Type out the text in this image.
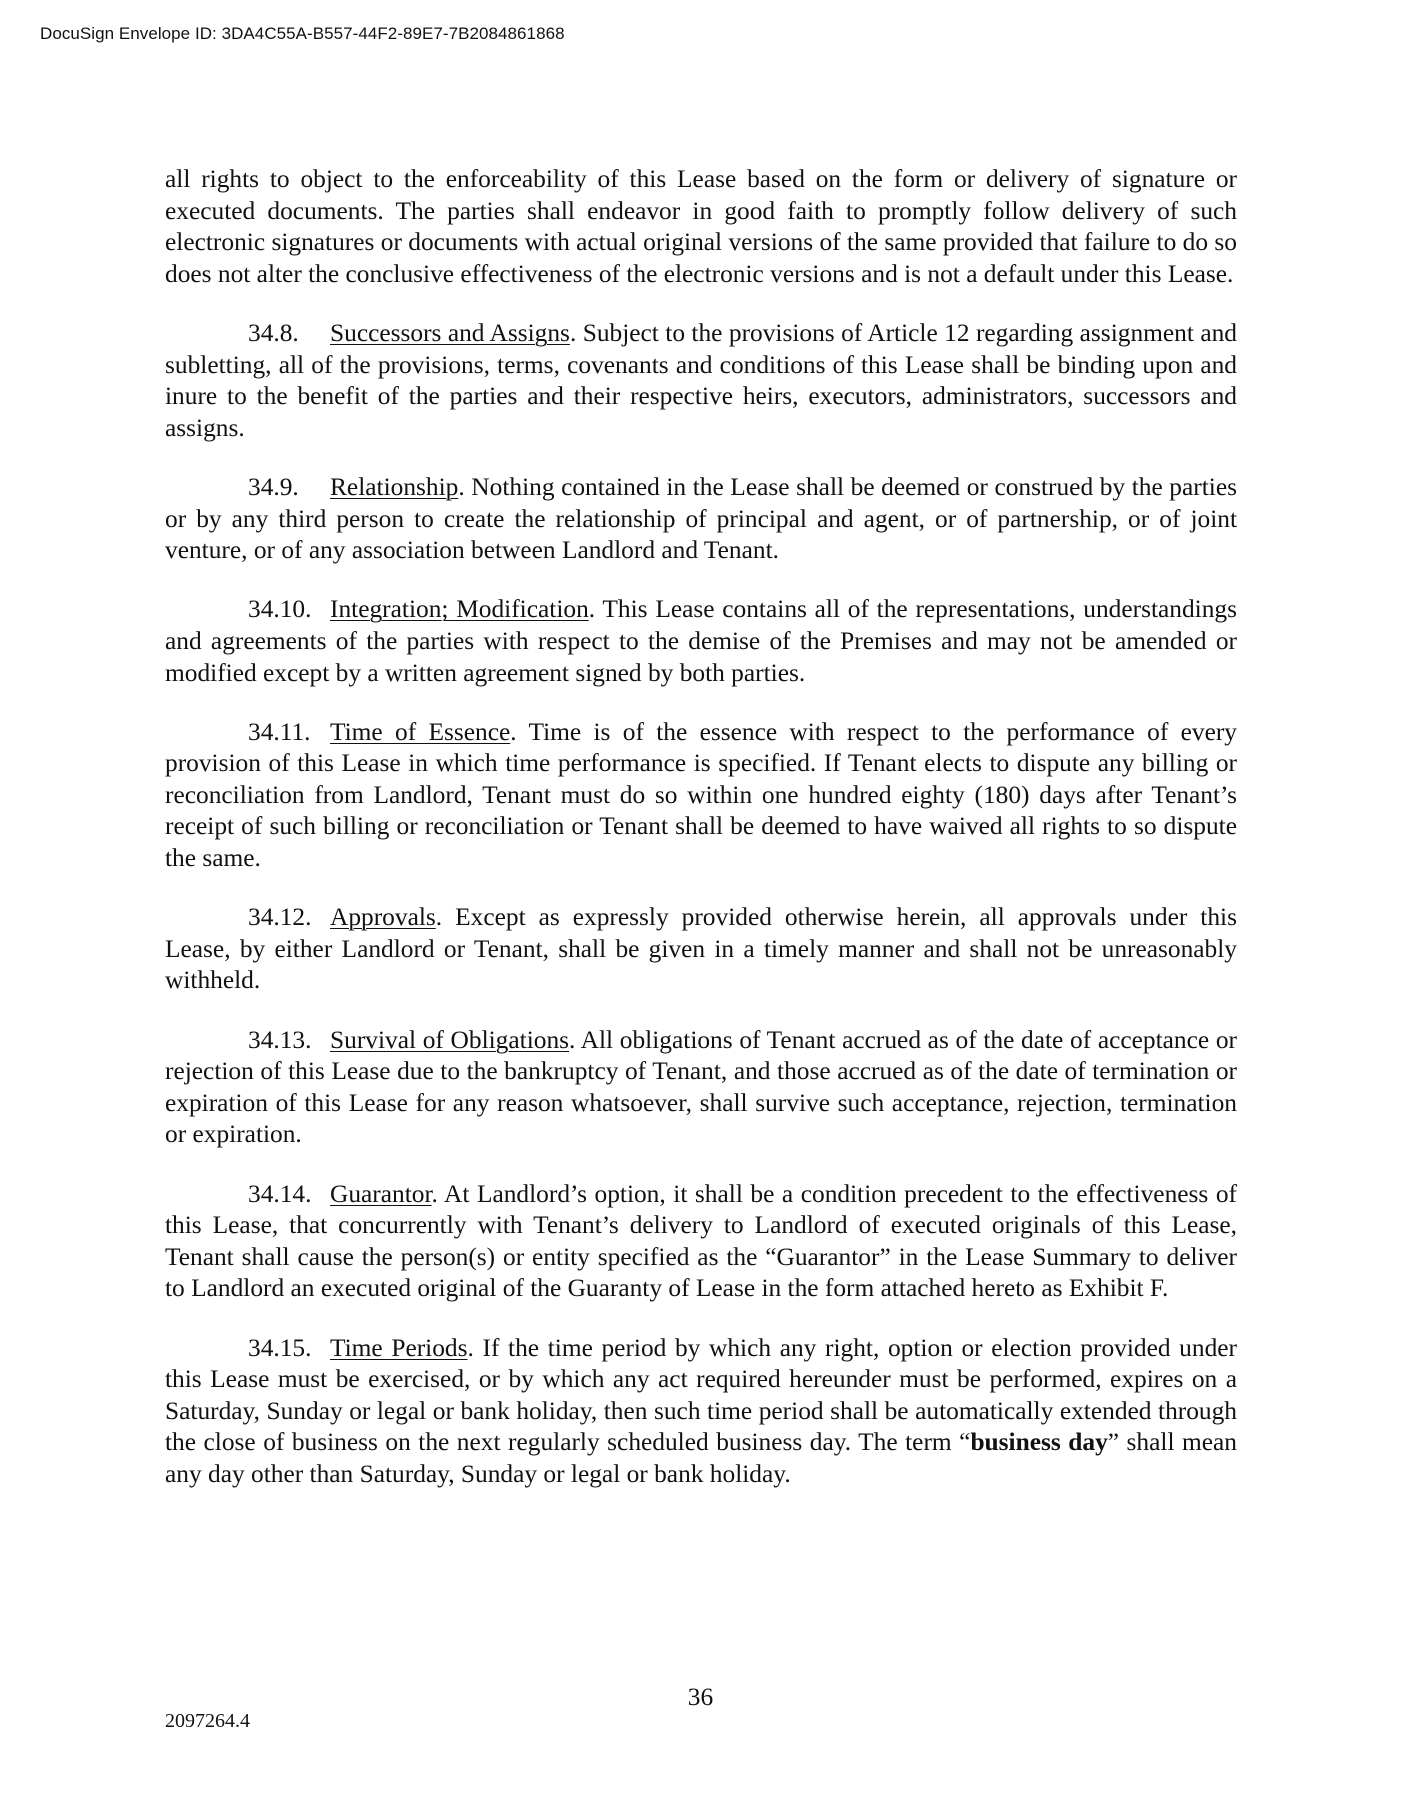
DocuSign Envelope ID: 3DA4C55A-B557-44F2-89E7-7B2084861868

all rights to object to the enforceability of this Lease based on the form or delivery of signature or executed documents. The parties shall endeavor in good faith to promptly follow delivery of such electronic signatures or documents with actual original versions of the same provided that failure to do so does not alter the conclusive effectiveness of the electronic versions and is not a default under this Lease.

34.8. Successors and Assigns. Subject to the provisions of Article 12 regarding assignment and subletting, all of the provisions, terms, covenants and conditions of this Lease shall be binding upon and inure to the benefit of the parties and their respective heirs, executors, administrators, successors and assigns.

34.9. Relationship. Nothing contained in the Lease shall be deemed or construed by the parties or by any third person to create the relationship of principal and agent, or of partnership, or of joint venture, or of any association between Landlord and Tenant.

34.10. Integration; Modification. This Lease contains all of the representations, understandings and agreements of the parties with respect to the demise of the Premises and may not be amended or modified except by a written agreement signed by both parties.

34.11. Time of Essence. Time is of the essence with respect to the performance of every provision of this Lease in which time performance is specified. If Tenant elects to dispute any billing or reconciliation from Landlord, Tenant must do so within one hundred eighty (180) days after Tenant’s receipt of such billing or reconciliation or Tenant shall be deemed to have waived all rights to so dispute the same.

34.12. Approvals. Except as expressly provided otherwise herein, all approvals under this Lease, by either Landlord or Tenant, shall be given in a timely manner and shall not be unreasonably withheld.

34.13. Survival of Obligations. All obligations of Tenant accrued as of the date of acceptance or rejection of this Lease due to the bankruptcy of Tenant, and those accrued as of the date of termination or expiration of this Lease for any reason whatsoever, shall survive such acceptance, rejection, termination or expiration.

34.14. Guarantor. At Landlord’s option, it shall be a condition precedent to the effectiveness of this Lease, that concurrently with Tenant’s delivery to Landlord of executed originals of this Lease, Tenant shall cause the person(s) or entity specified as the “Guarantor” in the Lease Summary to deliver to Landlord an executed original of the Guaranty of Lease in the form attached hereto as Exhibit F.

34.15. Time Periods. If the time period by which any right, option or election provided under this Lease must be exercised, or by which any act required hereunder must be performed, expires on a Saturday, Sunday or legal or bank holiday, then such time period shall be automatically extended through the close of business on the next regularly scheduled business day. The term “business day” shall mean any day other than Saturday, Sunday or legal or bank holiday.

36
2097264.4
